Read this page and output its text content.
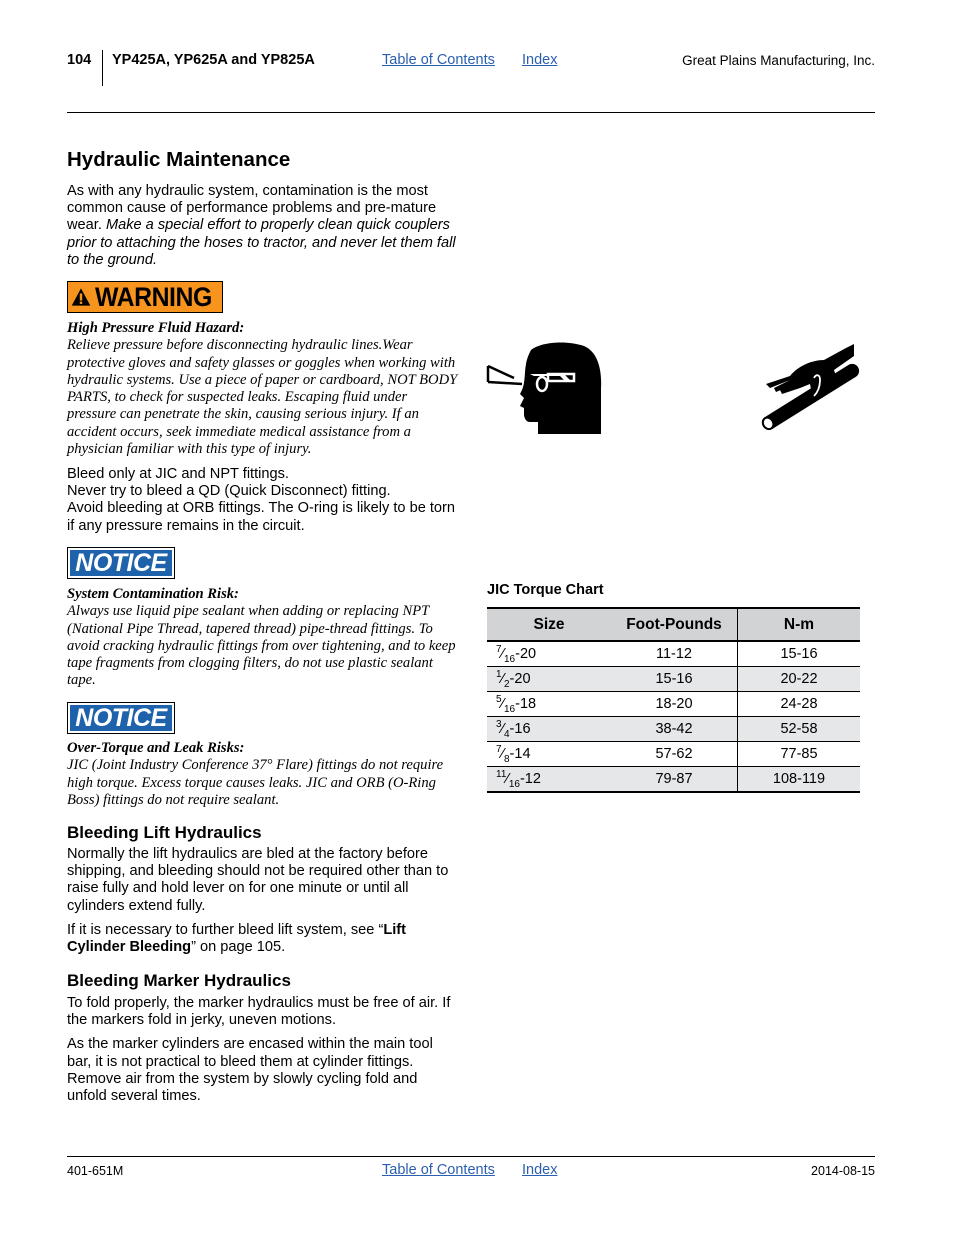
104 YP425A, YP625A and YP825A	Table of Contents Index	Great Plains Manufacturing, Inc.
Hydraulic Maintenance

As with any hydraulic system, contamination is the most common cause of performance problems and pre-mature wear. Make a special effort to properly clean quick couplers prior to attaching the hoses to tractor, and never let them fall to the ground.

WARNING
High Pressure Fluid Hazard:
Relieve pressure before disconnecting hydraulic lines.Wear protective gloves and safety glasses or goggles when working with hydraulic systems. Use a piece of paper or cardboard, NOT BODY PARTS, to check for suspected leaks. Escaping fluid under pressure can penetrate the skin, causing serious injury. If an accident occurs, seek immediate medical assistance from a physician familiar with this type of injury.

Bleed only at JIC and NPT fittings.

Never try to bleed a QD (Quick Disconnect) fitting.

Avoid bleeding at ORB fittings. The O-ring is likely to be torn if any pressure remains in the circuit.

NOTICE
System Contamination Risk:
Always use liquid pipe sealant when adding or replacing NPT (National Pipe Thread, tapered thread) pipe-thread fittings. To avoid cracking hydraulic fittings from over tightening, and to keep tape fragments from clogging filters, do not use plastic sealant tape.
NOTICE
Over-Torque and Leak Risks:
JIC (Joint Industry Conference 37° Flare) fittings do not require high torque. Excess torque causes leaks. JIC and ORB (O-Ring Boss) fittings do not require sealant.
Bleeding Lift Hydraulics

Normally the lift hydraulics are bled at the factory before shipping, and bleeding should not be required other than to raise fully and hold lever on for one minute or until all cylinders extend fully.

If it is necessary to further bleed lift system, see “Lift Cylinder Bleeding” on page 105.

Bleeding Marker Hydraulics

To fold properly, the marker hydraulics must be free of air. If the markers fold in jerky, uneven motions.

As the marker cylinders are encased within the main tool bar, it is not practical to bleed them at cylinder fittings. Remove air from the system by slowly cycling fold and unfold several times.

JIC Torque Chart
Size	Foot-Pounds	N-m
$^7⁄_{16}-20$	11-12	15-16
$^1⁄_2-20$	15-16	20-22
$^5⁄_{16}-18$	18-20	24-28
$^3⁄_4-16$	38-42	52-58
$^7⁄_8-14$	57-62	77-85
$^{11}⁄_{16}-12$	79-87	108-119
401-651M	Table of Contents Index	2014-08-15
